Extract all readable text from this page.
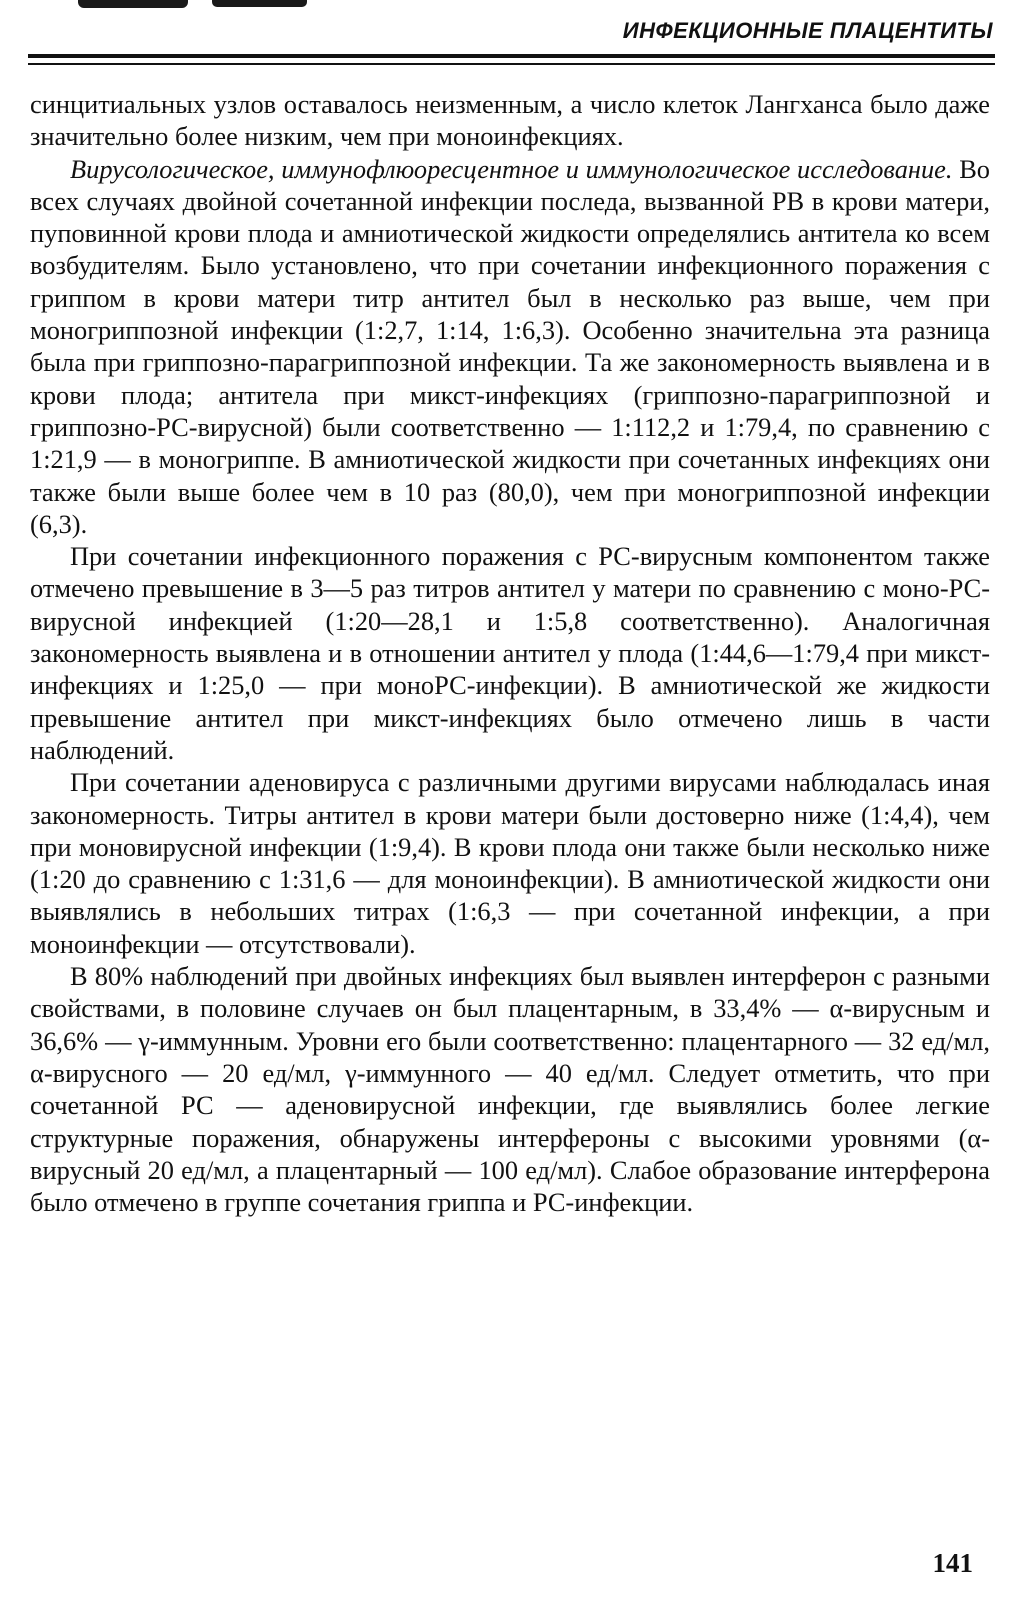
ИНФЕКЦИОННЫЕ ПЛАЦЕНТИТЫ

синцитиальных узлов оставалось неизменным, а число клеток Лангханса было даже значительно более низким, чем при моноинфекциях.

Вирусологическое, иммунофлюоресцентное и иммунологическое исследование. Во всех случаях двойной сочетанной инфекции последа, вызванной РВ в крови матери, пуповинной крови плода и амниотической жидкости определялись антитела ко всем возбудителям. Было установлено, что при сочетании инфекционного поражения с гриппом в крови матери титр антител был в несколько раз выше, чем при моногриппозной инфекции (1:2,7, 1:14, 1:6,3). Особенно значительна эта разница была при гриппозно-парагриппозной инфекции. Та же закономерность выявлена и в крови плода; антитела при микст-инфекциях (гриппозно-парагриппозной и гриппозно-РС-вирусной) были соответственно — 1:112,2 и 1:79,4, по сравнению с 1:21,9 — в моногриппе. В амниотической жидкости при сочетанных инфекциях они также были выше более чем в 10 раз (80,0), чем при моногриппозной инфекции (6,3).

При сочетании инфекционного поражения с РС-вирусным компонентом также отмечено превышение в 3—5 раз титров антител у матери по сравнению с моно-РС-вирусной инфекцией (1:20—28,1 и 1:5,8 соответственно). Аналогичная закономерность выявлена и в отношении антител у плода (1:44,6—1:79,4 при микст-инфекциях и 1:25,0 — при моноРС-инфекции). В амниотической же жидкости превышение антител при микст-инфекциях было отмечено лишь в части наблюдений.

При сочетании аденовируса с различными другими вирусами наблюдалась иная закономерность. Титры антител в крови матери были достоверно ниже (1:4,4), чем при моновирусной инфекции (1:9,4). В крови плода они также были несколько ниже (1:20 до сравнению с 1:31,6 — для моноинфекции). В амниотической жидкости они выявлялись в небольших титрах (1:6,3 — при сочетанной инфекции, а при моноинфекции — отсутствовали).

В 80% наблюдений при двойных инфекциях был выявлен интерферон с разными свойствами, в половине случаев он был плацентарным, в 33,4% — α-вирусным и 36,6% — γ-иммунным. Уровни его были соответственно: плацентарного — 32 ед/мл, α-вирусного — 20 ед/мл, γ-иммунного — 40 ед/мл. Следует отметить, что при сочетанной РС — аденовирусной инфекции, где выявлялись более легкие структурные поражения, обнаружены интерфероны с высокими уровнями (α-вирусный 20 ед/мл, а плацентарный — 100 ед/мл). Слабое образование интерферона было отмечено в группе сочетания гриппа и РС-инфекции.

141
